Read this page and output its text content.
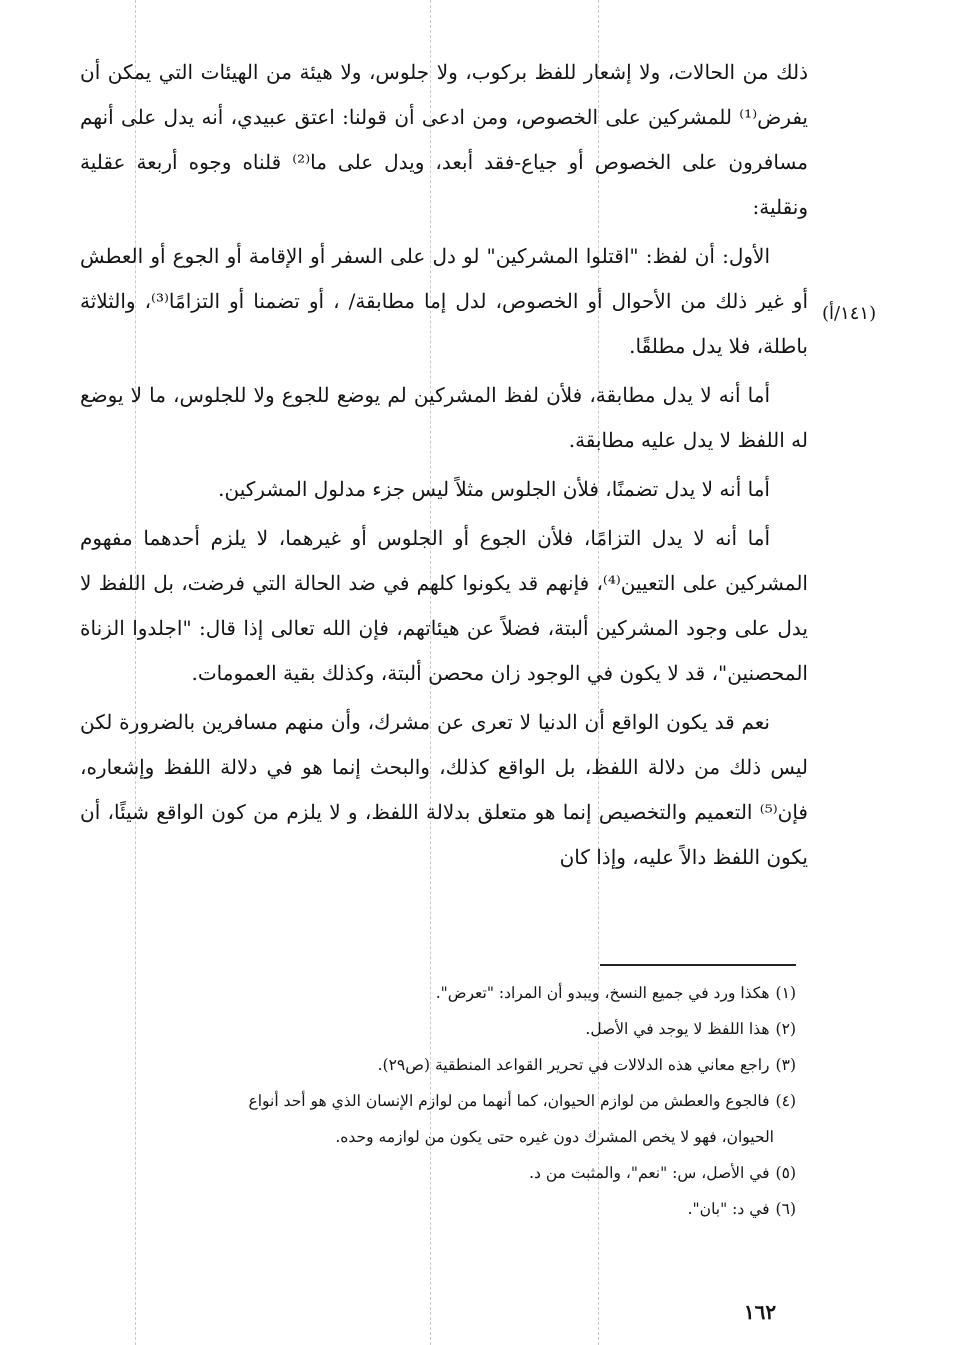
ذلك من الحالات، ولا إشعار للفظ بركوب، ولا جلوس، ولا هيئة من الهيئات التي يمكن أن يفرض⁽¹⁾ للمشركين على الخصوص، ومن ادعى أن قولنا: اعتق عبيدي، أنه يدل على أنهم مسافرون على الخصوص أو جياع-فقد أبعد، ويدل على ما⁽²⁾ قلناه وجوه أربعة عقلية ونقلية:

الأول: أن لفظ: "اقتلوا المشركين" لو دل على السفر أو الإقامة أو الجوع أو العطش أو غير ذلك من الأحوال أو الخصوص، لدل إما مطابقة/ ، أو تضمنا أو التزامًا⁽³⁾، والثلاثة باطلة، فلا يدل مطلقًا.

أما أنه لا يدل مطابقة، فلأن لفظ المشركين لم يوضع للجوع ولا للجلوس، ما لا يوضع له اللفظ لا يدل عليه مطابقة.

أما أنه لا يدل تضمنًا، فلأن الجلوس مثلاً ليس جزء مدلول المشركين.

أما أنه لا يدل التزامًا، فلأن الجوع أو الجلوس أو غيرهما، لا يلزم أحدهما مفهوم المشركين على التعيين⁽⁴⁾، فإنهم قد يكونوا كلهم في ضد الحالة التي فرضت، بل اللفظ لا يدل على وجود المشركين ألبتة، فضلاً عن هيئاتهم، فإن الله تعالى إذا قال: "اجلدوا الزناة المحصنين"، قد لا يكون في الوجود زان محصن ألبتة، وكذلك بقية العمومات.

نعم قد يكون الواقع أن الدنيا لا تعرى عن مشرك، وأن منهم مسافرين بالضرورة لكن ليس ذلك من دلالة اللفظ، بل الواقع كذلك، والبحث إنما هو في دلالة اللفظ وإشعاره، فإن⁽⁵⁾ التعميم والتخصيص إنما هو متعلق بدلالة اللفظ، و لا يلزم من كون الواقع شيئًا، أن يكون اللفظ دالاً عليه، وإذا كان

(١٤١/أ)

(١)هكذا ورد في جميع النسخ، ويبدو أن المراد: "تعرض".

(٢)هذا اللفظ لا يوجد في الأصل.

(٣)راجع معاني هذه الدلالات في تحرير القواعد المنطقية (ص٢٩).

(٤)فالجوع والعطش من لوازم الحيوان، كما أنهما من لوازم الإنسان الذي هو أحد أنواع

الحيوان، فهو لا يخص المشرك دون غيره حتى يكون من لوازمه وحده.

(٥)في الأصل، س: "نعم"، والمثبت من د.

(٦)في د: "بان".

١٦٢
